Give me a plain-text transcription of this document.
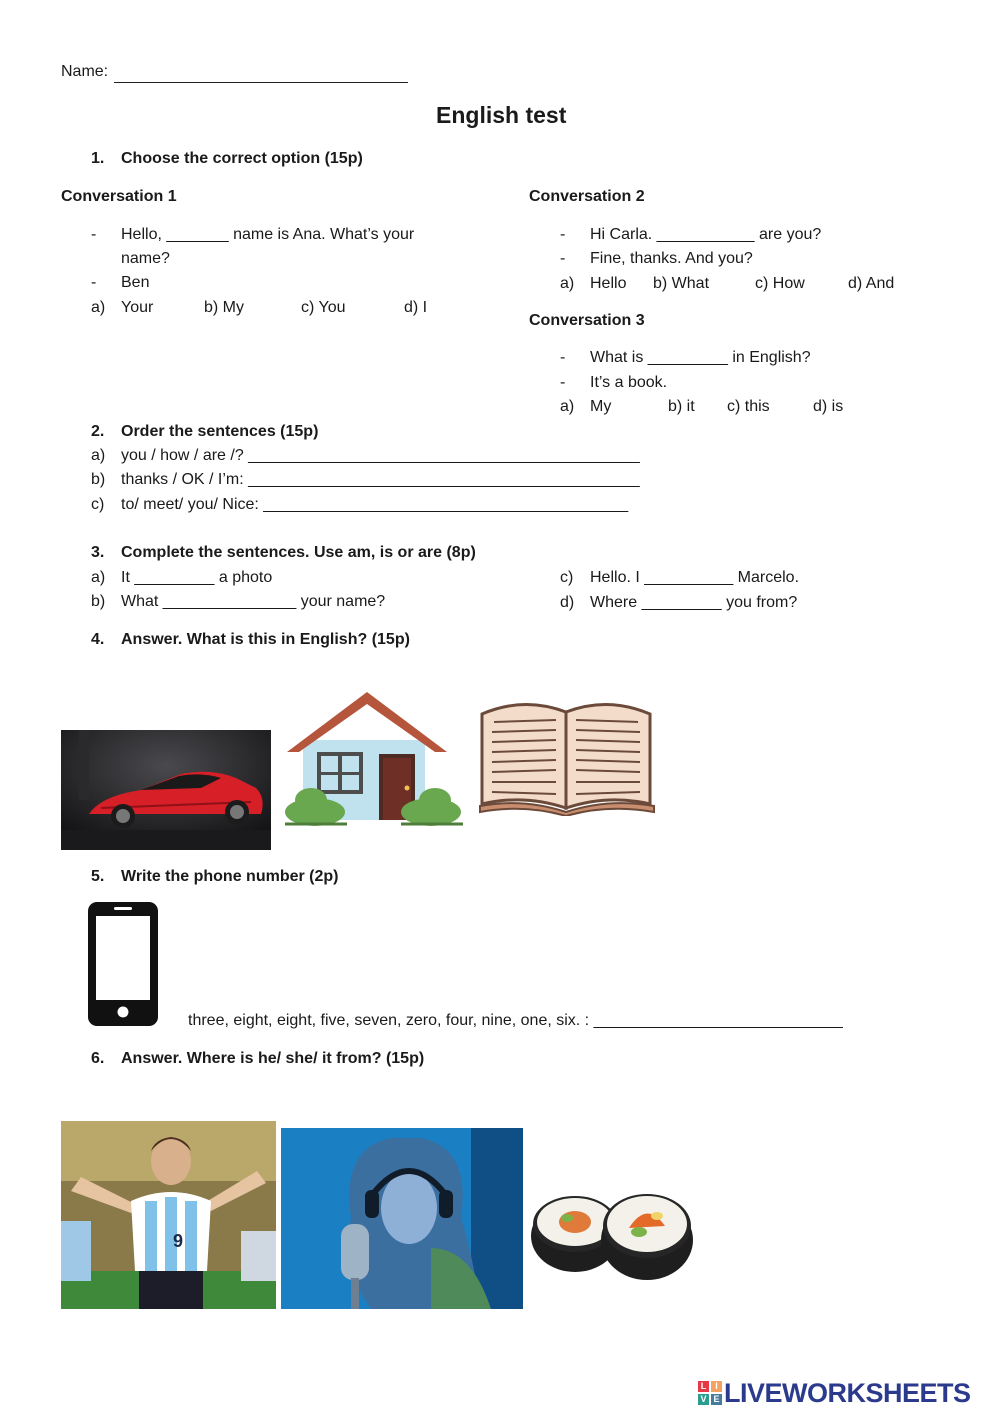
Name:
English test
1. Choose the correct option (15p)
Conversation 1
- Hello, _______ name is Ana. What’s your
name?
- Ben
a) Your	b) My	c) You	d) I
Conversation 2
- Hi Carla. ___________ are you?
- Fine, thanks. And you?
a) Hello b) What	c) How	d) And
Conversation 3
- What is _________ in English?
- It’s a book.
a) My	b) it c) this	d) is
2. Order the sentences (15p)
a) you / how / are /? ____________________________________________
b) thanks / OK / I’m: ____________________________________________
c) to/ meet/ you/ Nice: _________________________________________
3. Complete the sentences. Use am, is or are (8p)
a) It _________ a photo
b) What _______________ your name?
c) Hello. I __________ Marcelo.
d) Where _________ you from?
4. Answer. What is this in English? (15p)
5. Write the phone number (2p)
three, eight, eight, five, seven, zero, four, nine, one, six. : ____________________________
6. Answer. Where is he/ she/ it from? (15p)
9
L I
V E LIVEWORKSHEETS
